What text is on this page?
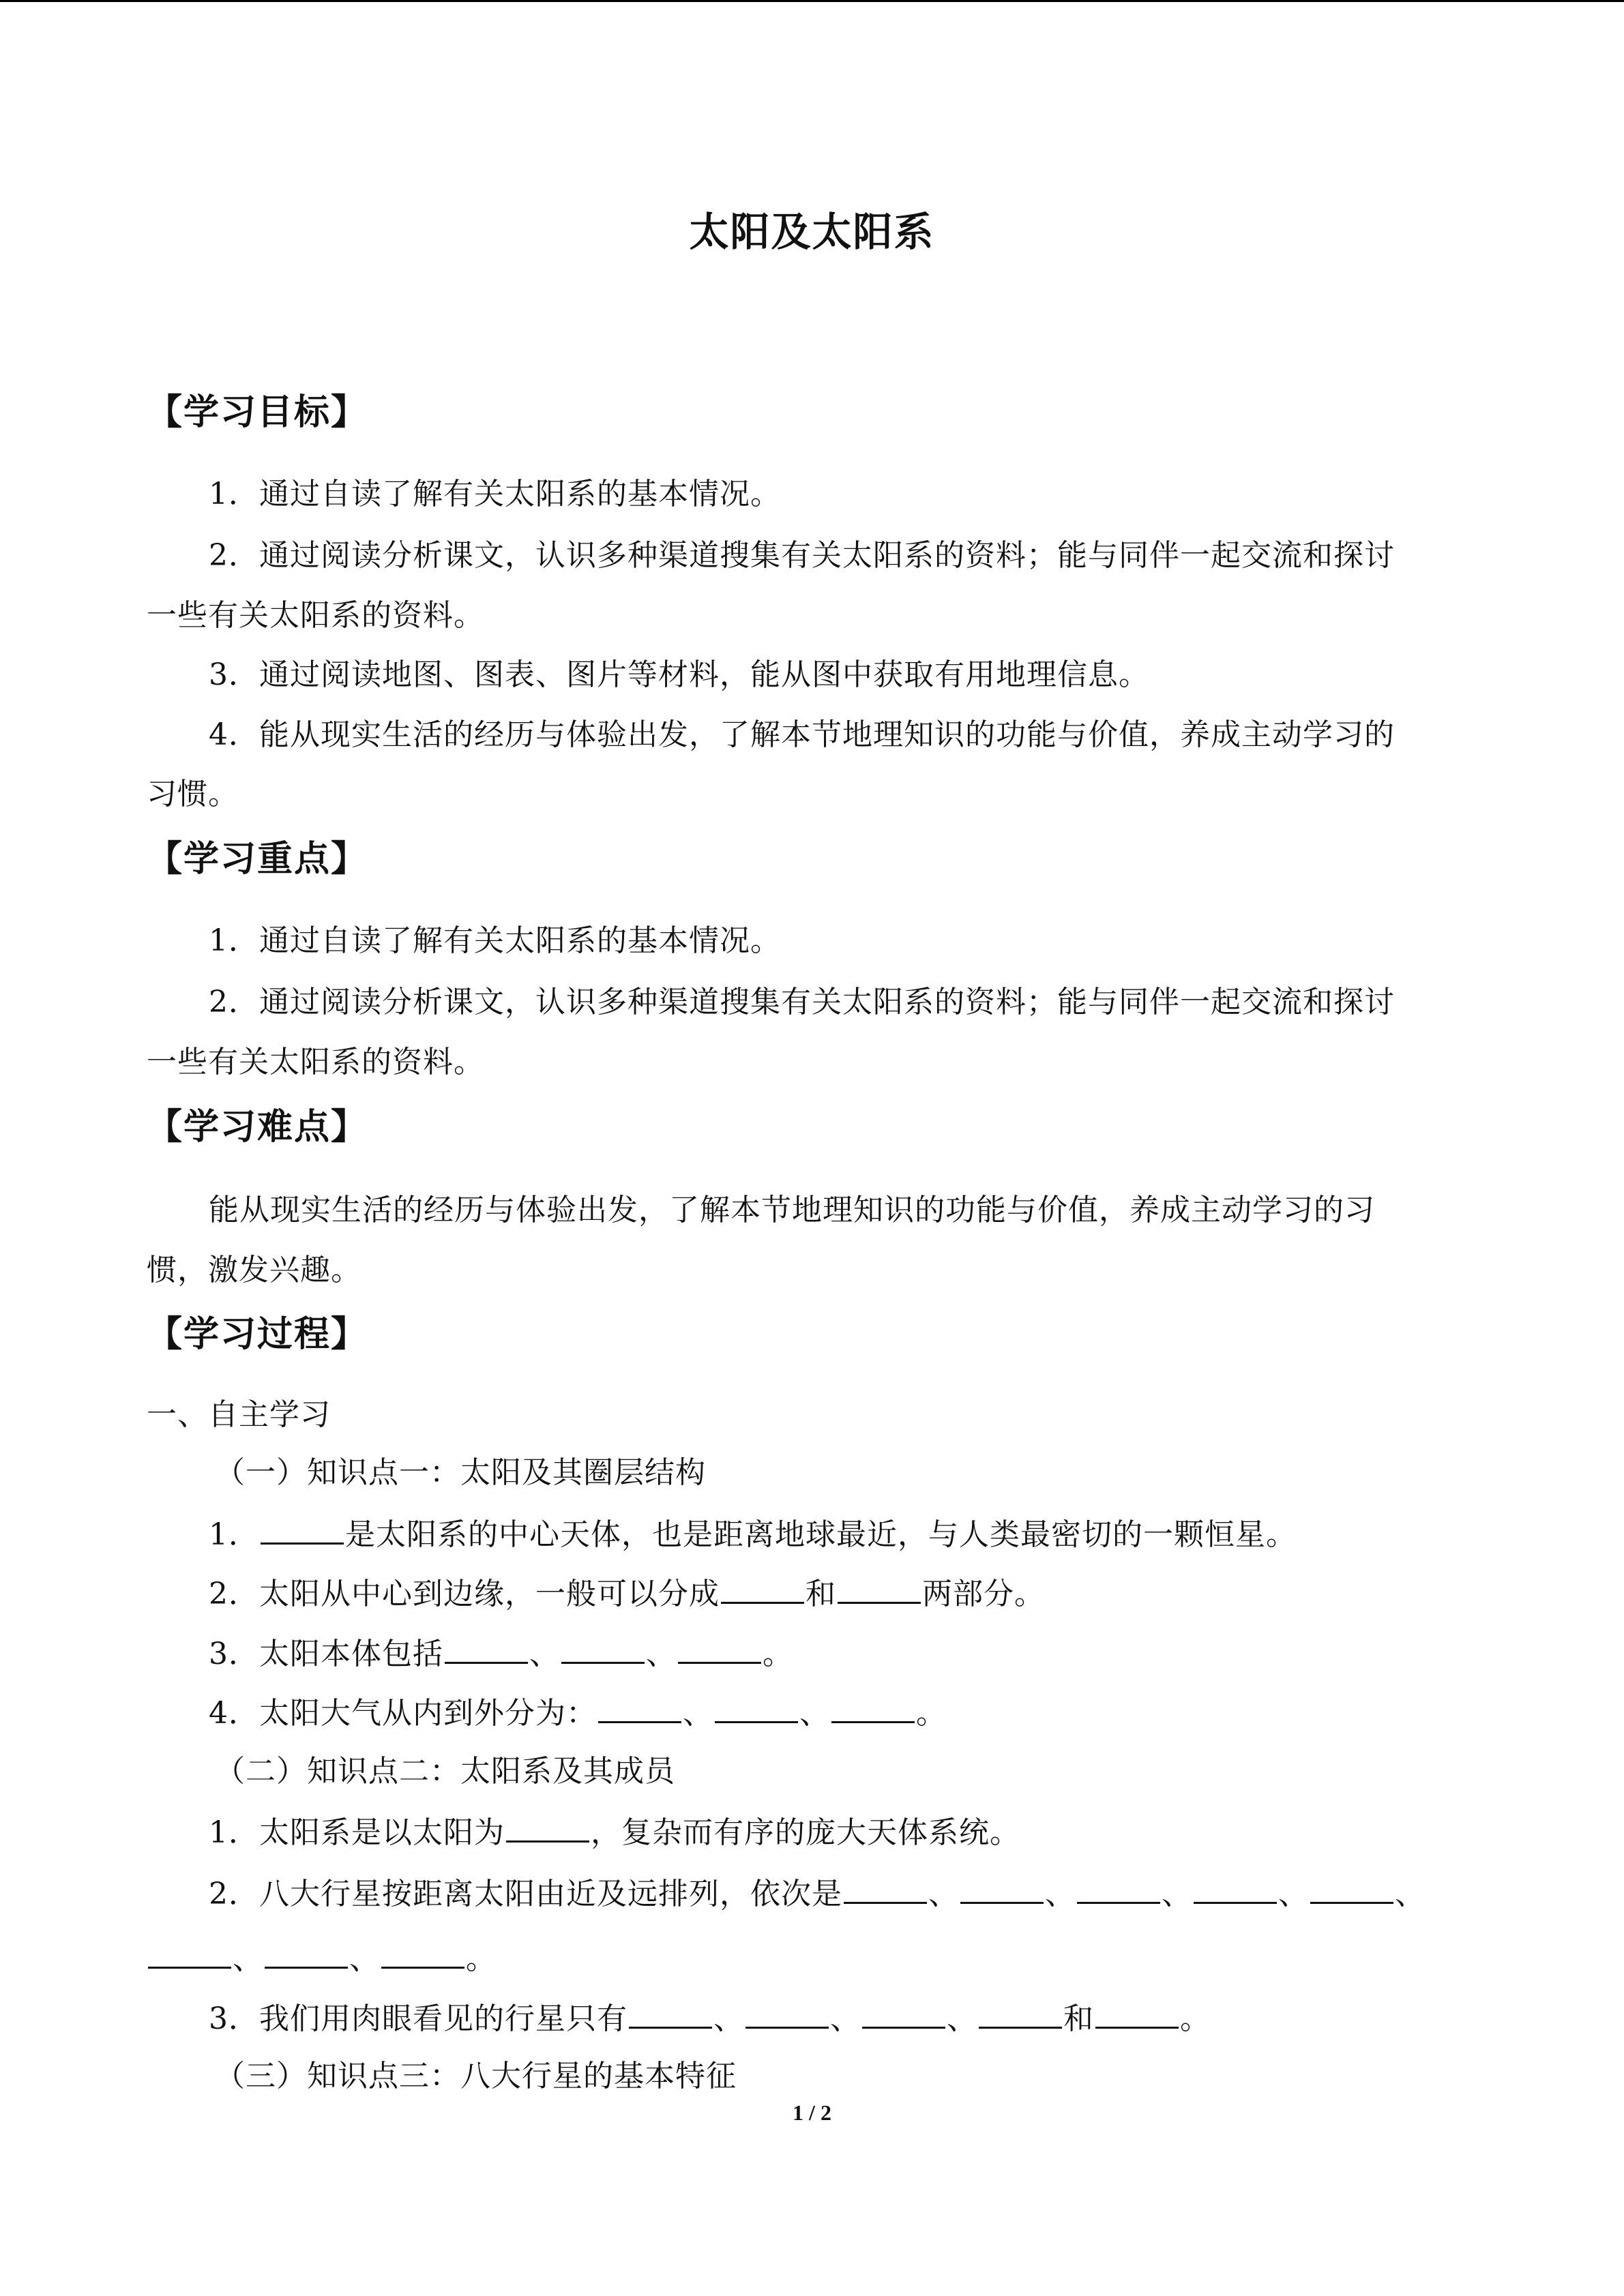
太阳及太阳系
【学习目标】
1．通过自读了解有关太阳系的基本情况。
2．通过阅读分析课文，认识多种渠道搜集有关太阳系的资料；能与同伴一起交流和探讨
一些有关太阳系的资料。
3．通过阅读地图、图表、图片等材料，能从图中获取有用地理信息。
4．能从现实生活的经历与体验出发，了解本节地理知识的功能与价值，养成主动学习的
习惯。
【学习重点】
1．通过自读了解有关太阳系的基本情况。
2．通过阅读分析课文，认识多种渠道搜集有关太阳系的资料；能与同伴一起交流和探讨
一些有关太阳系的资料。
【学习难点】
能从现实生活的经历与体验出发，了解本节地理知识的功能与价值，养成主动学习的习
惯，激发兴趣。
【学习过程】
一、自主学习
（一）知识点一：太阳及其圈层结构
1．	是太阳系的中心天体，也是距离地球最近，与人类最密切的一颗恒星。
2．太阳从中心到边缘，一般可以分成	和	两部分。
3．太阳本体包括	、	、	。
4．太阳大气从内到外分为：	、	、	。
（二）知识点二：太阳系及其成员
1．太阳系是以太阳为	，复杂而有序的庞大天体系统。
2．八大行星按距离太阳由近及远排列，依次是	、	、	、	、	、
、	、	。
3．我们用肉眼看见的行星只有	、	、	、	和	。
（三）知识点三：八大行星的基本特征
1 / 2
